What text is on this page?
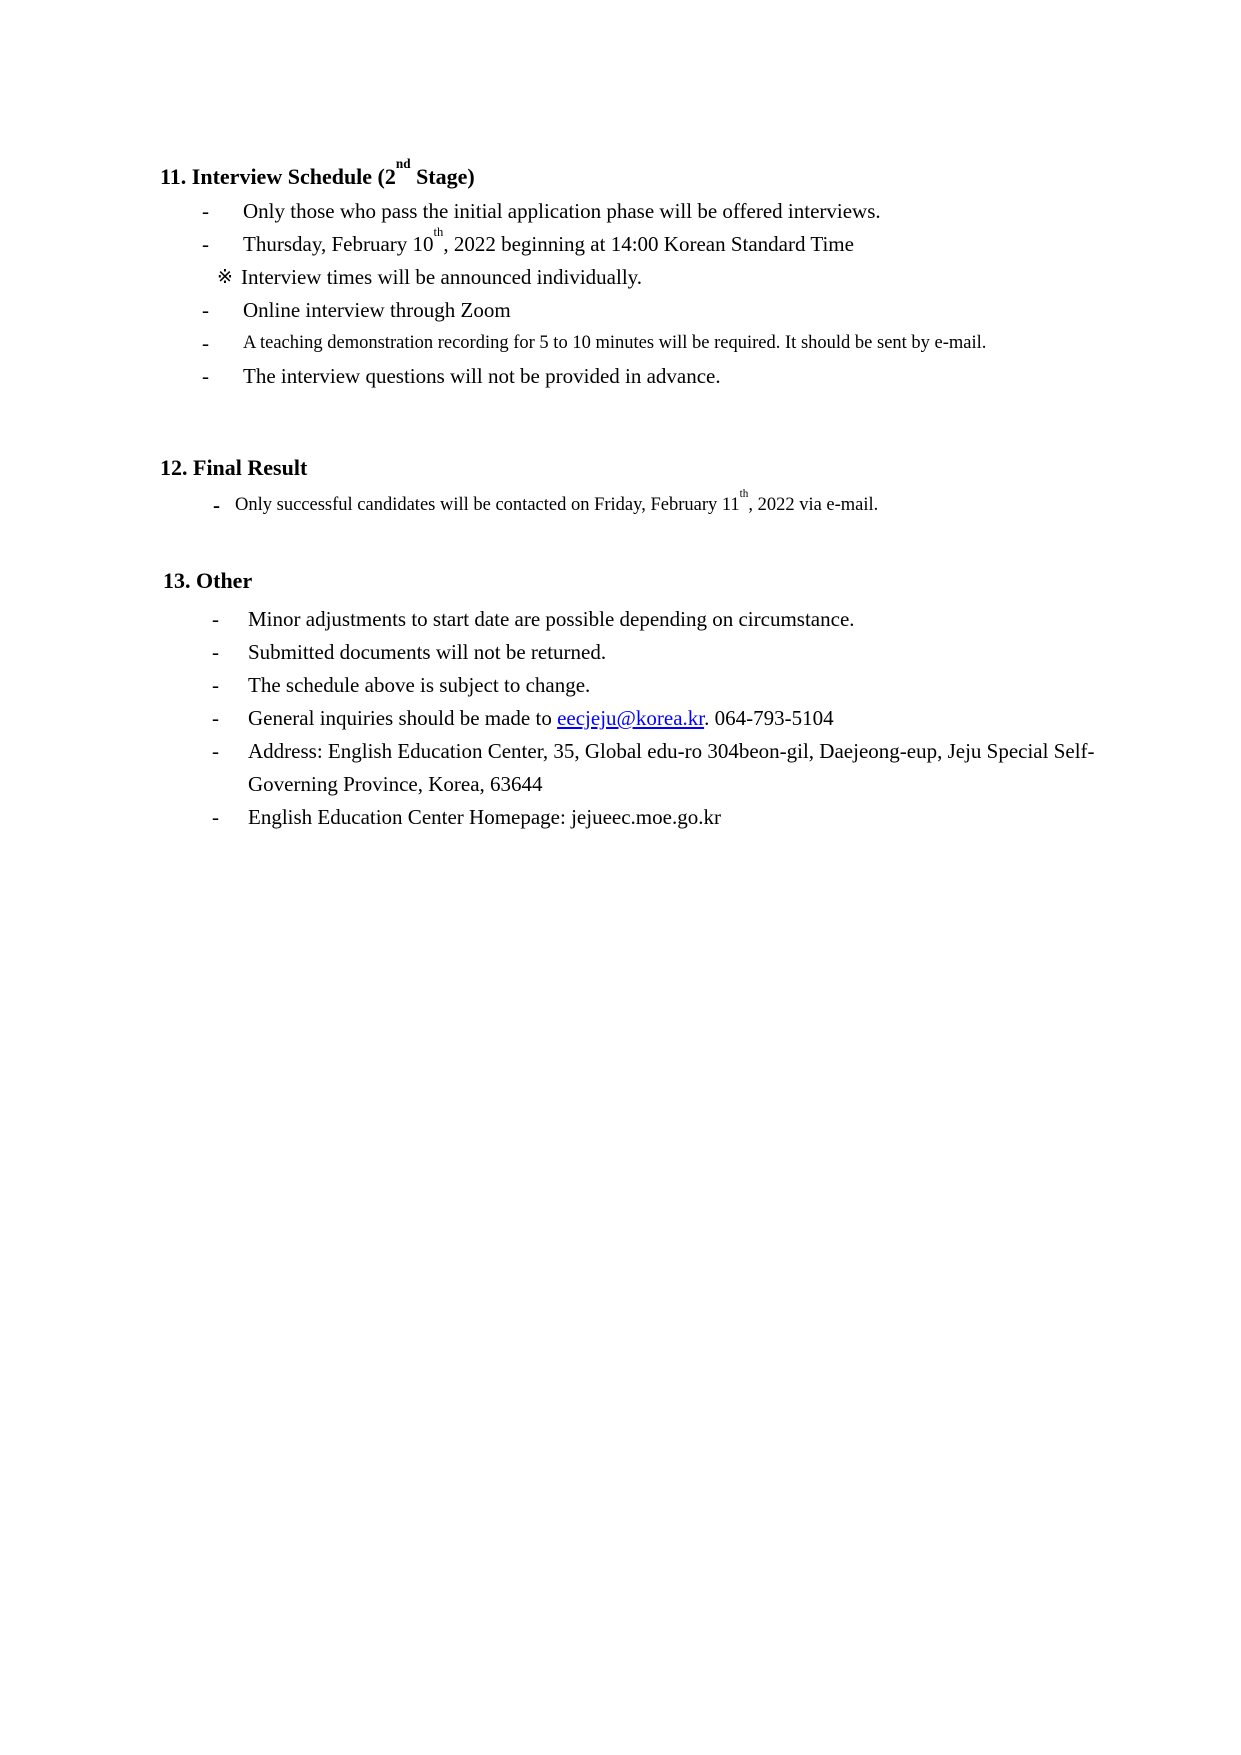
11. Interview Schedule (2nd Stage)
-	Only those who pass the initial application phase will be offered interviews.
-	Thursday, February 10th, 2022 beginning at 14:00 Korean Standard Time
※ Interview times will be announced individually.
-	Online interview through Zoom
-	A teaching demonstration recording for 5 to 10 minutes will be required. It should be sent by e-mail.
-	The interview questions will not be provided in advance.
12. Final Result
- Only successful candidates will be contacted on Friday, February 11th, 2022 via e-mail.
13. Other
-	Minor adjustments to start date are possible depending on circumstance.
-	Submitted documents will not be returned.
-	The schedule above is subject to change.
-	General inquiries should be made to eecjeju@korea.kr. 064-793-5104
-	Address: English Education Center, 35, Global edu-ro 304beon-gil, Daejeong-eup, Jeju Special Self-Governing Province, Korea, 63644
-	English Education Center Homepage: jejueec.moe.go.kr
